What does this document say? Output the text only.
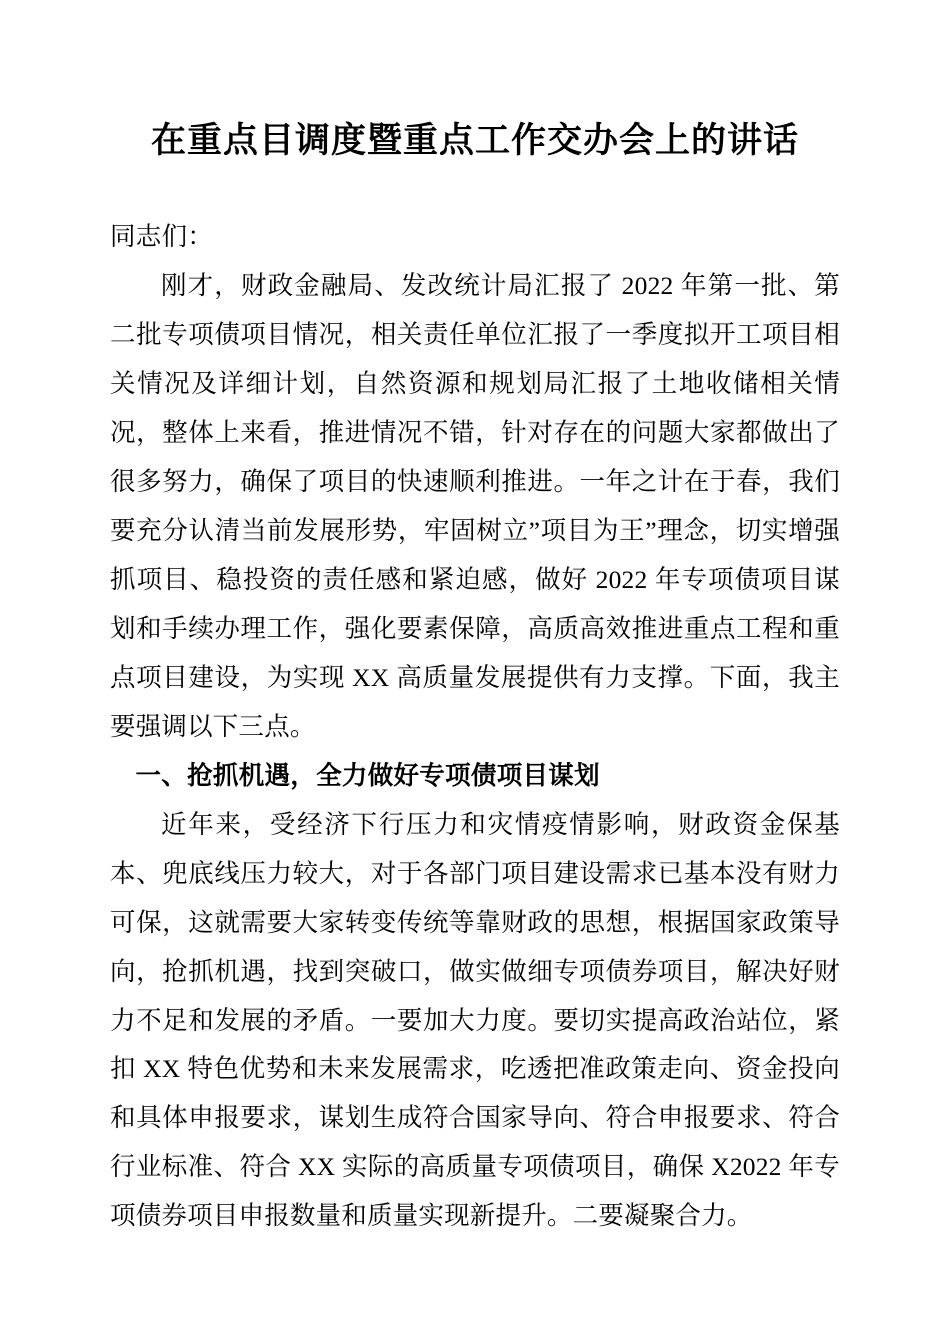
在重点目调度暨重点工作交办会上的讲话
同志们：

刚才，财政金融局、发改统计局汇报了 2022 年第一批、第二批专项债项目情况，相关责任单位汇报了一季度拟开工项目相关情况及详细计划，自然资源和规划局汇报了土地收储相关情况，整体上来看，推进情况不错，针对存在的问题大家都做出了很多努力，确保了项目的快速顺利推进。一年之计在于春，我们要充分认清当前发展形势，牢固树立”项目为王”理念，切实增强抓项目、稳投资的责任感和紧迫感，做好 2022 年专项债项目谋划和手续办理工作，强化要素保障，高质高效推进重点工程和重点项目建设，为实现 XX 高质量发展提供有力支撑。下面，我主要强调以下三点。

一、抢抓机遇，全力做好专项债项目谋划

近年来，受经济下行压力和灾情疫情影响，财政资金保基本、兜底线压力较大，对于各部门项目建设需求已基本没有财力可保，这就需要大家转变传统等靠财政的思想，根据国家政策导向，抢抓机遇，找到突破口，做实做细专项债券项目，解决好财力不足和发展的矛盾。一要加大力度。要切实提高政治站位，紧扣 XX 特色优势和未来发展需求，吃透把准政策走向、资金投向和具体申报要求，谋划生成符合国家导向、符合申报要求、符合行业标准、符合 XX 实际的高质量专项债项目，确保 X2022 年专项债券项目申报数量和质量实现新提升。二要凝聚合力。
